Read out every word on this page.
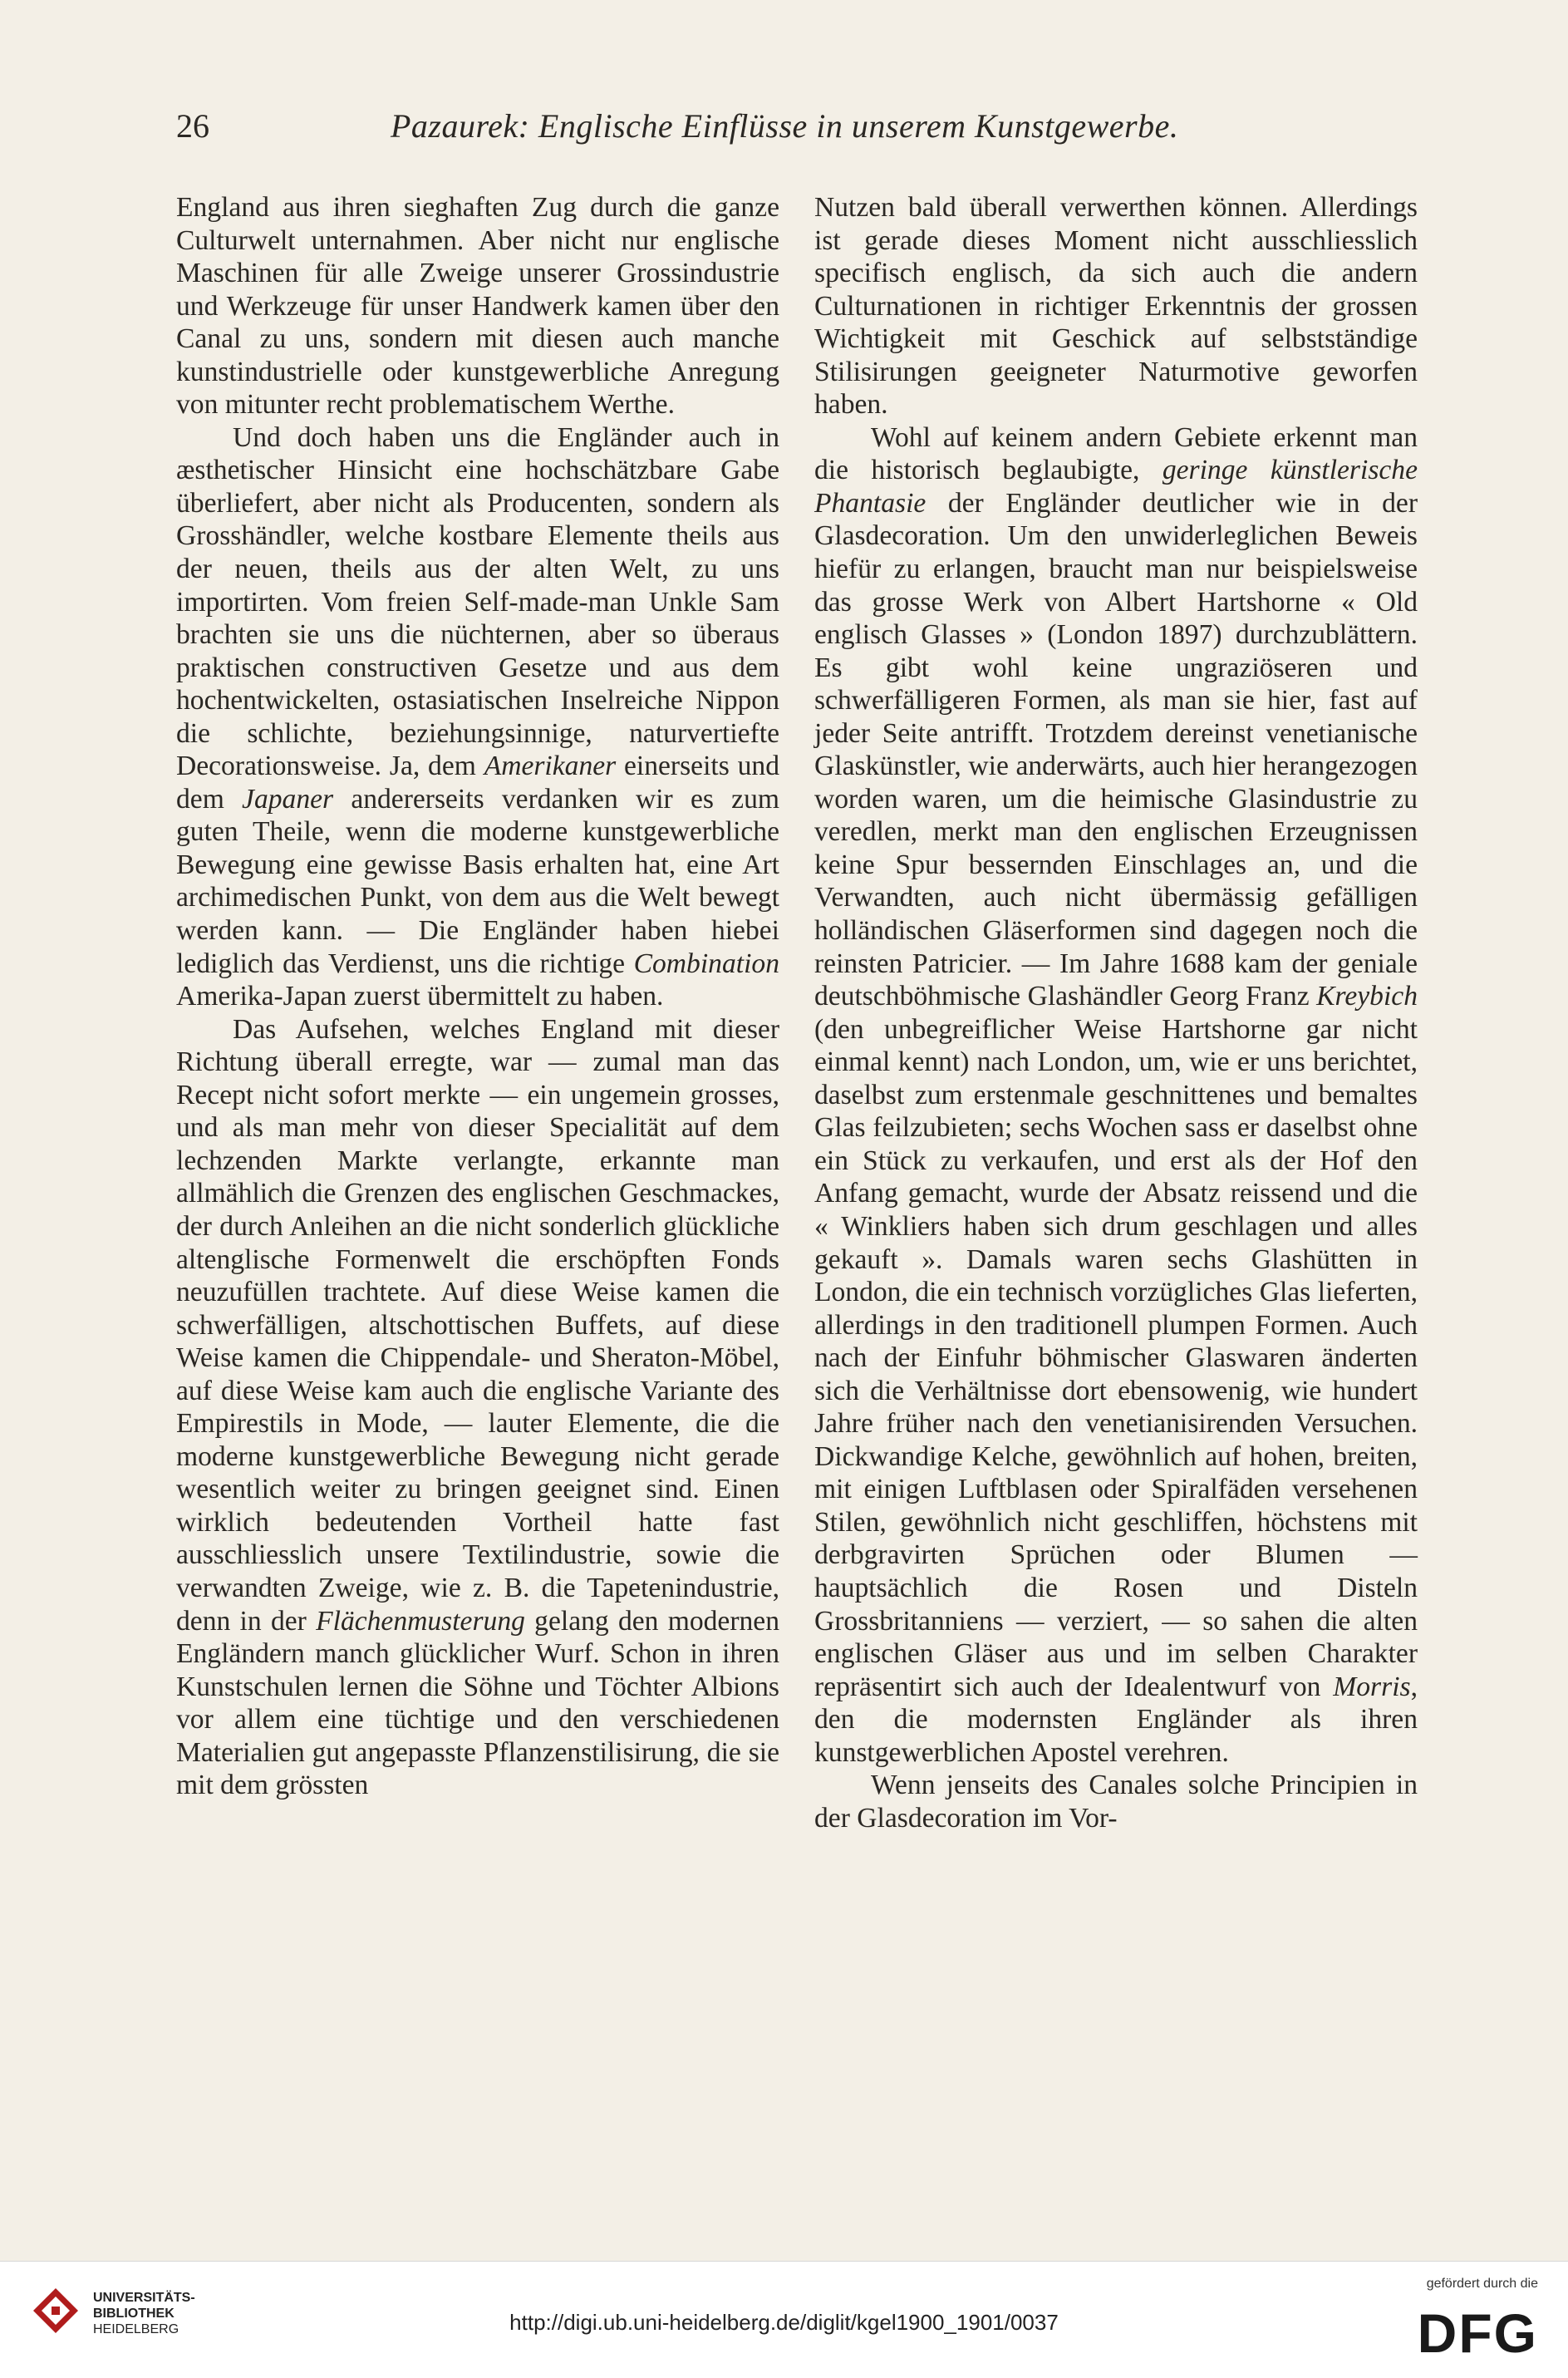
26	Pazaurek: Englische Einflüsse in unserem Kunstgewerbe.

England aus ihren sieghaften Zug durch die ganze Culturwelt unternahmen. Aber nicht nur englische Maschinen für alle Zweige unserer Grossindustrie und Werkzeuge für unser Handwerk kamen über den Canal zu uns, sondern mit diesen auch manche kunstindustrielle oder kunstgewerbliche Anregung von mitunter recht problematischem Werthe.

Und doch haben uns die Engländer auch in æsthetischer Hinsicht eine hochschätzbare Gabe überliefert, aber nicht als Producenten, sondern als Grosshändler, welche kostbare Elemente theils aus der neuen, theils aus der alten Welt, zu uns importirten. Vom freien Self-made-man Unkle Sam brachten sie uns die nüchternen, aber so überaus praktischen constructiven Gesetze und aus dem hochentwickelten, ostasiatischen Inselreiche Nippon die schlichte, beziehungsinnige, naturvertiefte Decorationsweise. Ja, dem Amerikaner einerseits und dem Japaner andererseits verdanken wir es zum guten Theile, wenn die moderne kunstgewerbliche Bewegung eine gewisse Basis erhalten hat, eine Art archimedischen Punkt, von dem aus die Welt bewegt werden kann. — Die Engländer haben hiebei lediglich das Verdienst, uns die richtige Combination Amerika-Japan zuerst übermittelt zu haben.

Das Aufsehen, welches England mit dieser Richtung überall erregte, war — zumal man das Recept nicht sofort merkte — ein ungemein grosses, und als man mehr von dieser Specialität auf dem lechzenden Markte verlangte, erkannte man allmählich die Grenzen des englischen Geschmackes, der durch Anleihen an die nicht sonderlich glückliche altenglische Formenwelt die erschöpften Fonds neuzufüllen trachtete. Auf diese Weise kamen die schwerfälligen, altschottischen Buffets, auf diese Weise kamen die Chippendale- und Sheraton-Möbel, auf diese Weise kam auch die englische Variante des Empirestils in Mode, — lauter Elemente, die die moderne kunstgewerbliche Bewegung nicht gerade wesentlich weiter zu bringen geeignet sind. Einen wirklich bedeutenden Vortheil hatte fast ausschliesslich unsere Textilindustrie, sowie die verwandten Zweige, wie z. B. die Tapetenindustrie, denn in der Flächenmusterung gelang den modernen Engländern manch glücklicher Wurf. Schon in ihren Kunstschulen lernen die Söhne und Töchter Albions vor allem eine tüchtige und den verschiedenen Materialien gut angepasste Pflanzenstilisirung, die sie mit dem grössten

Nutzen bald überall verwerthen können. Allerdings ist gerade dieses Moment nicht ausschliesslich specifisch englisch, da sich auch die andern Culturnationen in richtiger Erkenntnis der grossen Wichtigkeit mit Geschick auf selbstständige Stilisirungen geeigneter Naturmotive geworfen haben.

Wohl auf keinem andern Gebiete erkennt man die historisch beglaubigte, geringe künstlerische Phantasie der Engländer deutlicher wie in der Glasdecoration. Um den unwiderleglichen Beweis hiefür zu erlangen, braucht man nur beispielsweise das grosse Werk von Albert Hartshorne « Old englisch Glasses » (London 1897) durchzublättern. Es gibt wohl keine ungraziöseren und schwerfälligeren Formen, als man sie hier, fast auf jeder Seite antrifft. Trotzdem dereinst venetianische Glaskünstler, wie anderwärts, auch hier herangezogen worden waren, um die heimische Glasindustrie zu veredlen, merkt man den englischen Erzeugnissen keine Spur bessernden Einschlages an, und die Verwandten, auch nicht übermässig gefälligen holländischen Gläserformen sind dagegen noch die reinsten Patricier. — Im Jahre 1688 kam der geniale deutschböhmische Glashändler Georg Franz Kreybich (den unbegreiflicher Weise Hartshorne gar nicht einmal kennt) nach London, um, wie er uns berichtet, daselbst zum erstenmale geschnittenes und bemaltes Glas feilzubieten; sechs Wochen sass er daselbst ohne ein Stück zu verkaufen, und erst als der Hof den Anfang gemacht, wurde der Absatz reissend und die « Winkliers haben sich drum geschlagen und alles gekauft ». Damals waren sechs Glashütten in London, die ein technisch vorzügliches Glas lieferten, allerdings in den traditionell plumpen Formen. Auch nach der Einfuhr böhmischer Glaswaren änderten sich die Verhältnisse dort ebensowenig, wie hundert Jahre früher nach den venetianisirenden Versuchen. Dickwandige Kelche, gewöhnlich auf hohen, breiten, mit einigen Luftblasen oder Spiralfäden versehenen Stilen, gewöhnlich nicht geschliffen, höchstens mit derbgravirten Sprüchen oder Blumen — hauptsächlich die Rosen und Disteln Grossbritanniens — verziert, — so sahen die alten englischen Gläser aus und im selben Charakter repräsentirt sich auch der Idealentwurf von Morris, den die modernsten Engländer als ihren kunstgewerblichen Apostel verehren.

Wenn jenseits des Canales solche Principien in der Glasdecoration im Vor-

UNIVERSITÄTS-
BIBLIOTHEK
HEIDELBERG	http://digi.ub.uni-heidelberg.de/diglit/kgel1900_1901/0037
gefördert durch die
DFG
